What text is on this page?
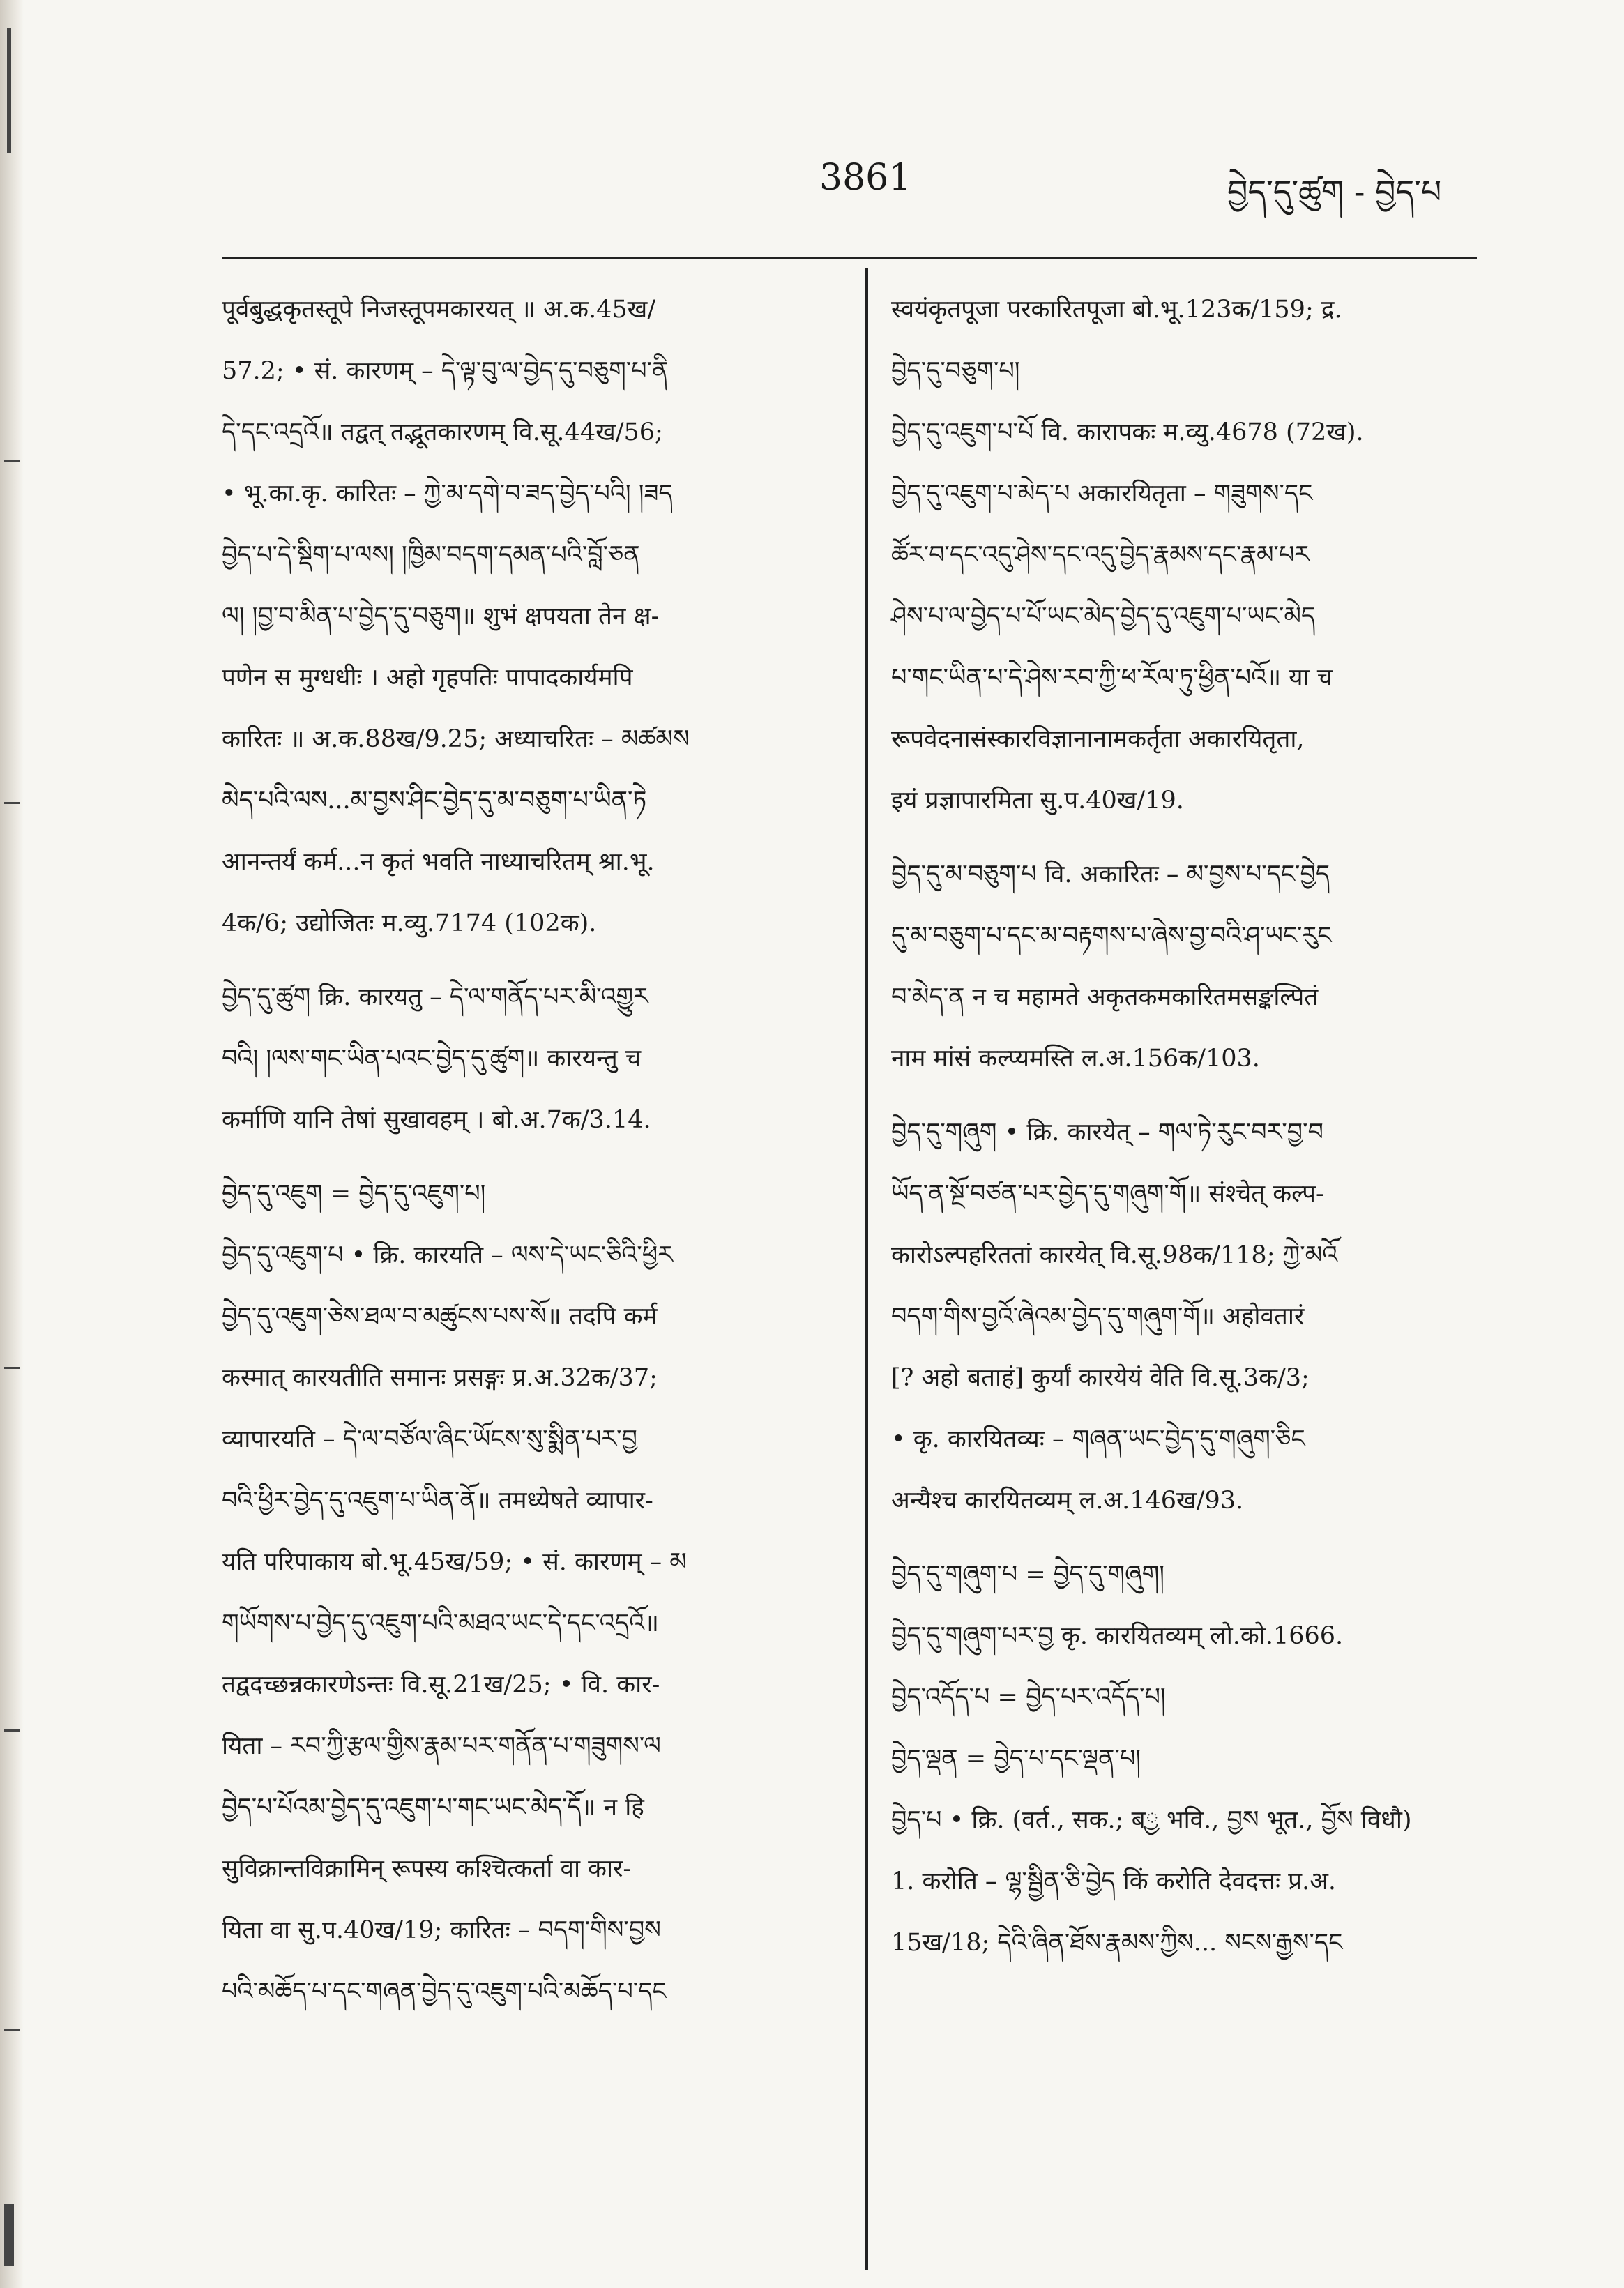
3861	བྱེད་དུ་ཚུག - བྱེད་པ

पूर्वबुद्धकृतस्तूपे निजस्तूपमकारयत् ॥ अ.क.45ख/

57.2; • सं. कारणम् – དེ་ལྟ་བུ་ལ་བྱེད་དུ་བཅུག་པ་ནི

དེ་དང་འདྲའོ॥ तद्वत् तद्भूतकारणम् वि.सू.44ख/56;

• भू.का.कृ. कारितः – ཀྱེ་མ་དགེ་བ་ཟད་བྱེད་པའི། །ཟད

བྱེད་པ་དེ་སྡིག་པ་ལས། །ཁྱིམ་བདག་དམན་པའི་བློ་ཅན

ལ། །བྱ་བ་མིན་པ་བྱེད་དུ་བཅུག॥ शुभं क्षपयता तेन क्ष-

पणेन स मुग्धधीः । अहो गृहपतिः पापादकार्यमपि

कारितः ॥ अ.क.88ख/9.25; अध्याचरितः – མཚམས

མེད་པའི་ལས...མ་བྱས་ཤིང་བྱེད་དུ་མ་བཅུག་པ་ཡིན་ཏེ

आनन्तर्यं कर्म...न कृतं भवति नाध्याचरितम् श्रा.भू.

4क/6; उद्योजितः म.व्यु.7174 (102क).

བྱེད་དུ་ཚུག क्रि. कारयतु – དེ་ལ་གནོད་པར་མི་འགྱུར

བའི། །ལས་གང་ཡིན་པའང་བྱེད་དུ་ཚུག॥ कारयन्तु च

कर्माणि यानि तेषां सुखावहम् । बो.अ.7क/3.14.

བྱེད་དུ་འཇུག = བྱེད་དུ་འཇུག་པ།

བྱེད་དུ་འཇུག་པ • क्रि. कारयति – ལས་དེ་ཡང་ཅིའི་ཕྱིར

བྱེད་དུ་འཇུག་ཅེས་ཐལ་བ་མཚུངས་པས་སོ॥ तदपि कर्म

कस्मात् कारयतीति समानः प्रसङ्गः प्र.अ.32क/37;

व्यापारयति – དེ་ལ་བཙོལ་ཞིང་ཡོངས་སུ་སྨིན་པར་བྱ

བའི་ཕྱིར་བྱེད་དུ་འཇུག་པ་ཡིན་ནོ॥ तमध्येषते व्यापार-

यति परिपाकाय बो.भू.45ख/59; • सं. कारणम् – མ

གཡོགས་པ་བྱེད་དུ་འཇུག་པའི་མཐའ་ཡང་དེ་དང་འདྲའོ॥

तद्वदच्छन्नकारणेऽन्तः वि.सू.21ख/25; • वि. कार-

यिता – རབ་ཀྱི་རྩལ་གྱིས་རྣམ་པར་གནོན་པ་གཟུགས་ལ

བྱེད་པ་པོའམ་བྱེད་དུ་འཇུག་པ་གང་ཡང་མེད་དོ॥ न हि

सुविक्रान्तविक्रामिन् रूपस्य कश्चित्कर्ता वा कार-

यिता वा सु.प.40ख/19; कारितः – བདག་གིས་བྱས

པའི་མཆོད་པ་དང་གཞན་བྱེད་དུ་འཇུག་པའི་མཆོད་པ་དང

स्वयंकृतपूजा परकारितपूजा बो.भू.123क/159; द्र.

བྱེད་དུ་བཅུག་པ།

བྱེད་དུ་འཇུག་པ་པོ वि. कारापकः म.व्यु.4678 (72ख).

བྱེད་དུ་འཇུག་པ་མེད་པ अकारयितृता – གཟུགས་དང

ཚོར་བ་དང་འདུ་ཤེས་དང་འདུ་བྱེད་རྣམས་དང་རྣམ་པར

ཤེས་པ་ལ་བྱེད་པ་པོ་ཡང་མེད་བྱེད་དུ་འཇུག་པ་ཡང་མེད

པ་གང་ཡིན་པ་དེ་ཤེས་རབ་ཀྱི་ཕ་རོལ་ཏུ་ཕྱིན་པའོ॥ या च

रूपवेदनासंस्कारविज्ञानानामकर्तृता अकारयितृता,

इयं प्रज्ञापारमिता सु.प.40ख/19.

བྱེད་དུ་མ་བཅུག་པ वि. अकारितः – མ་བྱས་པ་དང་བྱེད

དུ་མ་བཅུག་པ་དང་མ་བརྟགས་པ་ཞེས་བྱ་བའི་ཤ་ཡང་རུང

བ་མེད་ན न च महामते अकृतकमकारितमसङ्कल्पितं

नाम मांसं कल्प्यमस्ति ल.अ.156क/103.

བྱེད་དུ་གཞུག • क्रि. कारयेत् – གལ་ཏེ་རུང་བར་བྱ་བ

ཡོད་ན་སྔོ་བཙན་པར་བྱེད་དུ་གཞུག་གོ॥ संश्चेत् कल्प-

कारोऽल्पहरिततां कारयेत् वि.सू.98क/118; ཀྱེ་མའོ

བདག་གིས་བྱའོ་ཞེའམ་བྱེད་དུ་གཞུག་གོ॥ अहोवतारं

[? अहो बताहं] कुर्यां कारयेयं वेति वि.सू.3क/3;

• कृ. कारयितव्यः – གཞན་ཡང་བྱེད་དུ་གཞུག་ཅིང

अन्यैश्च कारयितव्यम् ल.अ.146ख/93.

བྱེད་དུ་གཞུག་པ = བྱེད་དུ་གཞུག།

བྱེད་དུ་གཞུག་པར་བྱ कृ. कारयितव्यम् लो.को.1666.

བྱེད་འདོད་པ = བྱེད་པར་འདོད་པ།

བྱེད་ལྡན = བྱེད་པ་དང་ལྡན་པ།

བྱེད་པ • क्रि. (वर्त., सक.; बྱ भवि., བྱས भूत., བྱོས विधौ)

1. करोति – ལྷ་སྦྱིན་ཅི་བྱེད किं करोति देवदत्तः प्र.अ.

15ख/18; དེའི་ཞིན་ཐོས་རྣམས་ཀྱིས... སངས་རྒྱས་དང
